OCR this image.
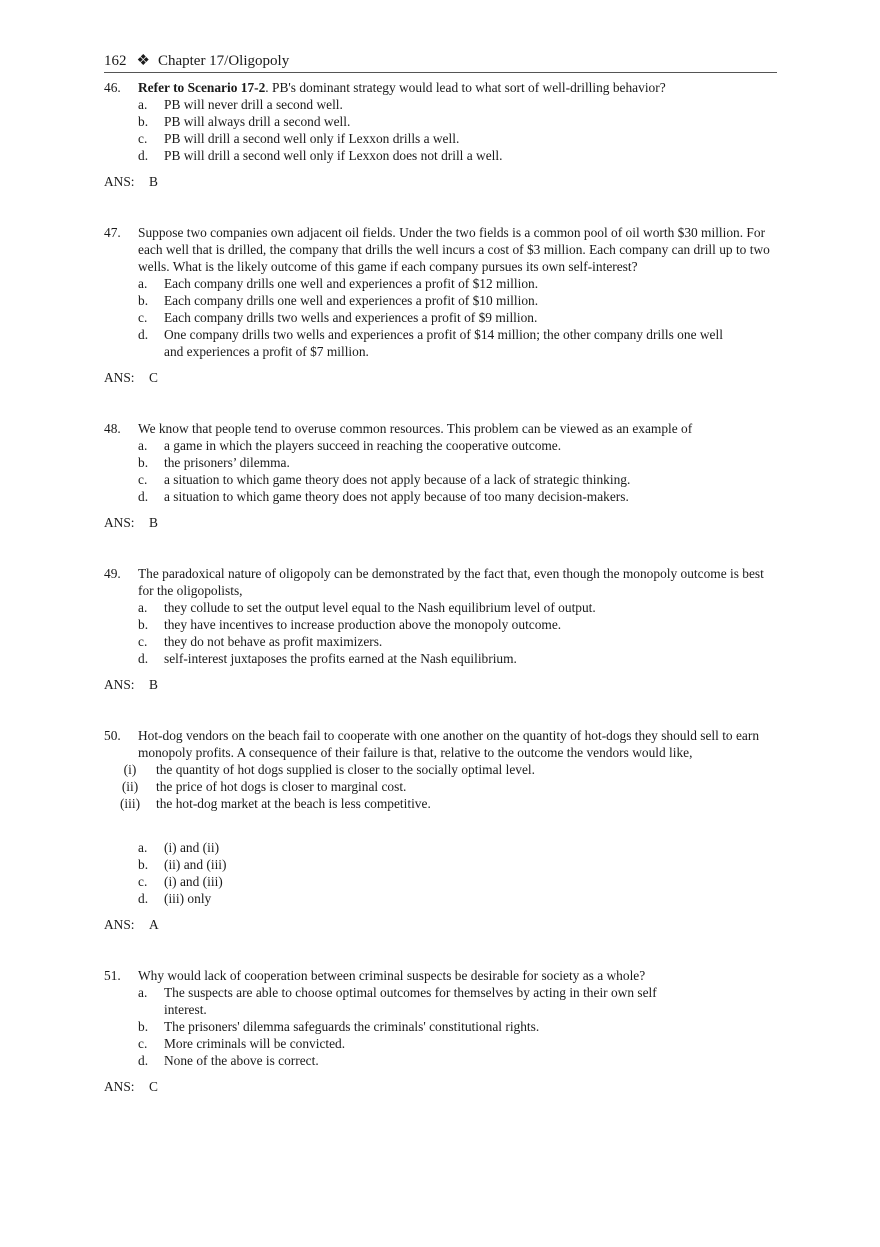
162 ❖ Chapter 17/Oligopoly
46.	Refer to Scenario 17-2. PB's dominant strategy would lead to what sort of well-drilling behavior?
a.	PB will never drill a second well.
b.	PB will always drill a second well.
c.	PB will drill a second well only if Lexxon drills a well.
d.	PB will drill a second well only if Lexxon does not drill a well.
ANS: B
47.	Suppose two companies own adjacent oil fields. Under the two fields is a common pool of oil worth $30 million. For each well that is drilled, the company that drills the well incurs a cost of $3 million. Each company can drill up to two wells. What is the likely outcome of this game if each company pursues its own self-interest?
a.	Each company drills one well and experiences a profit of $12 million.
b.	Each company drills one well and experiences a profit of $10 million.
c.	Each company drills two wells and experiences a profit of $9 million.
d.	One company drills two wells and experiences a profit of $14 million; the other company drills one well and experiences a profit of $7 million.
ANS: C
48.	We know that people tend to overuse common resources. This problem can be viewed as an example of
a.	a game in which the players succeed in reaching the cooperative outcome.
b.	the prisoners’ dilemma.
c.	a situation to which game theory does not apply because of a lack of strategic thinking.
d.	a situation to which game theory does not apply because of too many decision-makers.
ANS: B
49.	The paradoxical nature of oligopoly can be demonstrated by the fact that, even though the monopoly outcome is best for the oligopolists,
a.	they collude to set the output level equal to the Nash equilibrium level of output.
b.	they have incentives to increase production above the monopoly outcome.
c.	they do not behave as profit maximizers.
d.	self-interest juxtaposes the profits earned at the Nash equilibrium.
ANS: B
50.	Hot-dog vendors on the beach fail to cooperate with one another on the quantity of hot-dogs they should sell to earn monopoly profits. A consequence of their failure is that, relative to the outcome the vendors would like,
(i)	the quantity of hot dogs supplied is closer to the socially optimal level.
(ii)	the price of hot dogs is closer to marginal cost.
(iii)	the hot-dog market at the beach is less competitive.
a.	(i) and (ii)
b.	(ii) and (iii)
c.	(i) and (iii)
d.	(iii) only
ANS: A
51.	Why would lack of cooperation between criminal suspects be desirable for society as a whole?
a.	The suspects are able to choose optimal outcomes for themselves by acting in their own self interest.
b.	The prisoners' dilemma safeguards the criminals' constitutional rights.
c.	More criminals will be convicted.
d.	None of the above is correct.
ANS: C
